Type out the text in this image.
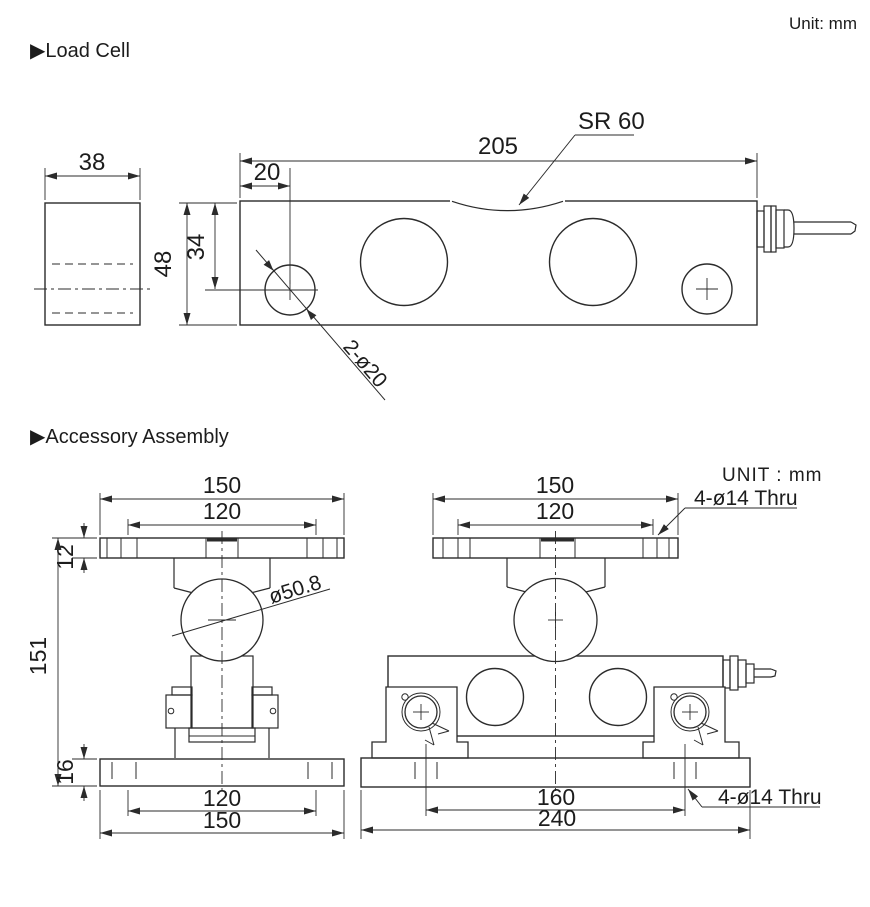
Unit: mm
▶Load Cell
38
205
20
SR 60
48
34
2-ø20
▶Accessory Assembly
UNIT : mm
150
120
12
ø50.8
151
16
120
150
150
120	4-ø14 Thru
160
240
4-ø14 Thru
